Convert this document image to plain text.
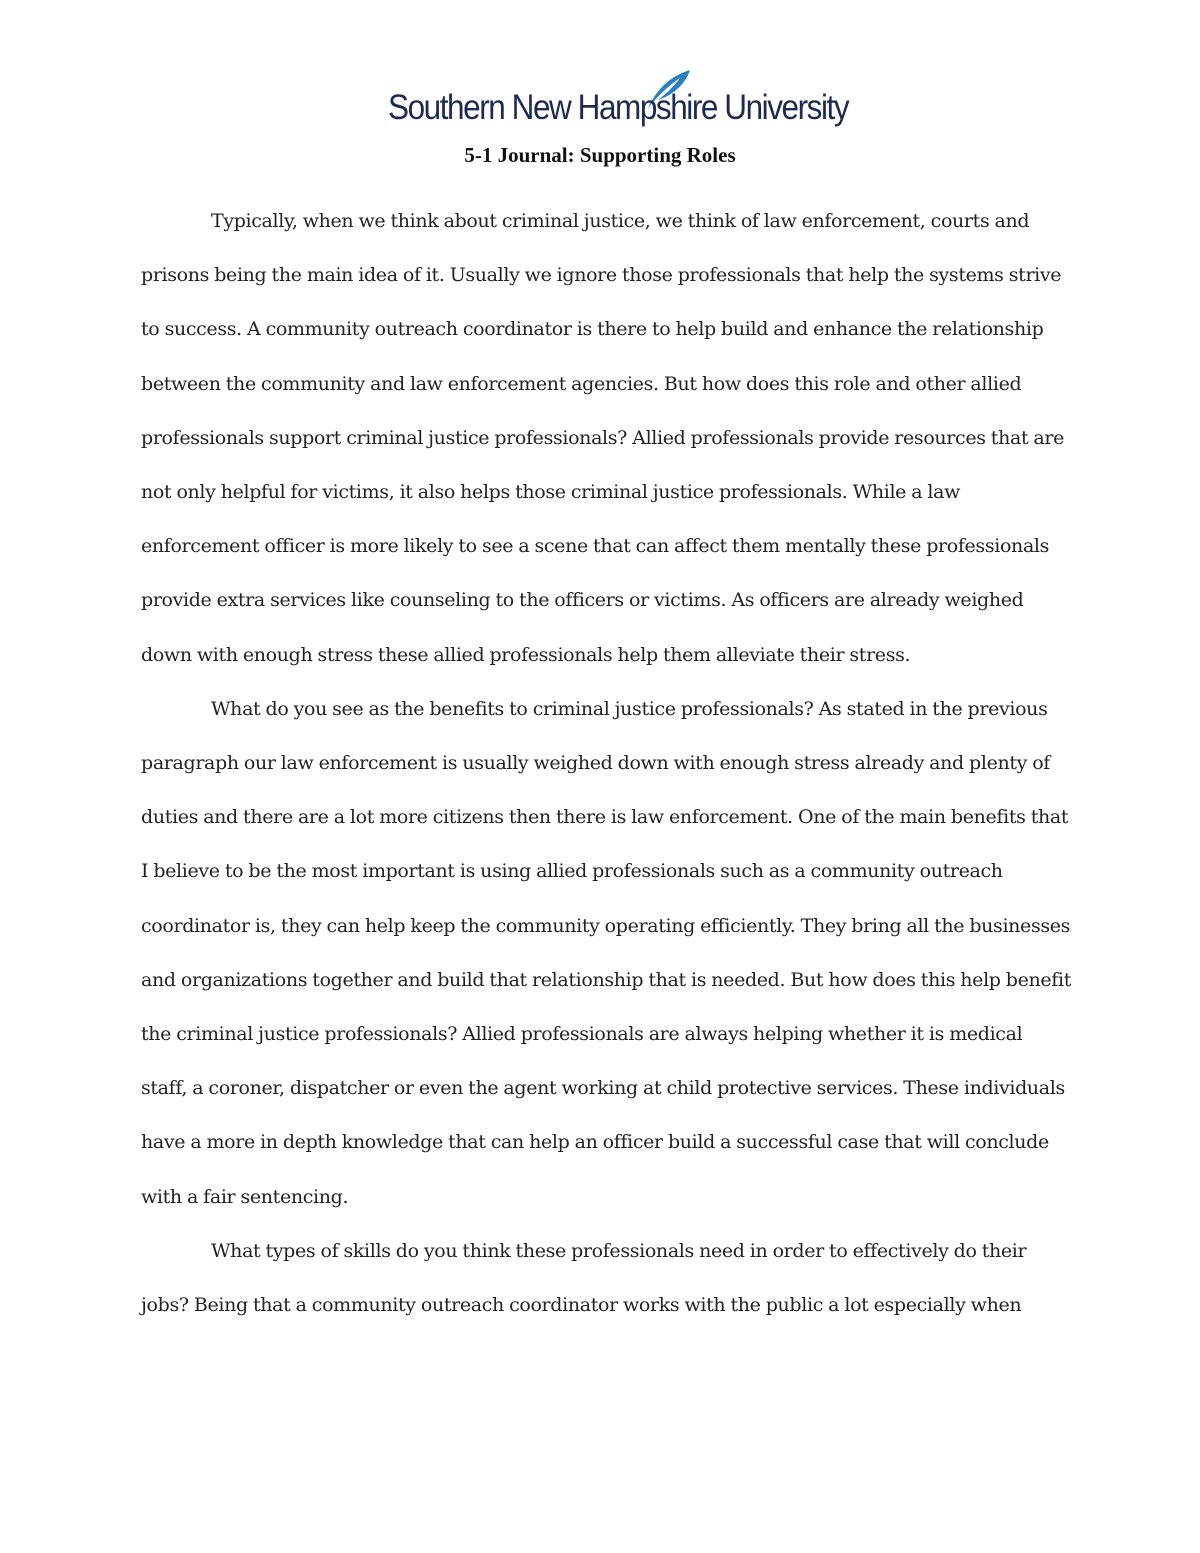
Southern New Hampshire University
5-1 Journal: Supporting Roles

Typically, when we think about criminal justice, we think of law enforcement, courts and prisons being the main idea of it. Usually we ignore those professionals that help the systems strive to success. A community outreach coordinator is there to help build and enhance the relationship between the community and law enforcement agencies. But how does this role and other allied professionals support criminal justice professionals? Allied professionals provide resources that are not only helpful for victims, it also helps those criminal justice professionals. While a law enforcement officer is more likely to see a scene that can affect them mentally these professionals provide extra services like counseling to the officers or victims. As officers are already weighed down with enough stress these allied professionals help them alleviate their stress.

What do you see as the benefits to criminal justice professionals? As stated in the previous paragraph our law enforcement is usually weighed down with enough stress already and plenty of duties and there are a lot more citizens then there is law enforcement. One of the main benefits that I believe to be the most important is using allied professionals such as a community outreach coordinator is, they can help keep the community operating efficiently. They bring all the businesses and organizations together and build that relationship that is needed. But how does this help benefit the criminal justice professionals? Allied professionals are always helping whether it is medical staff, a coroner, dispatcher or even the agent working at child protective services. These individuals have a more in depth knowledge that can help an officer build a successful case that will conclude with a fair sentencing.

What types of skills do you think these professionals need in order to effectively do their jobs? Being that a community outreach coordinator works with the public a lot especially when
